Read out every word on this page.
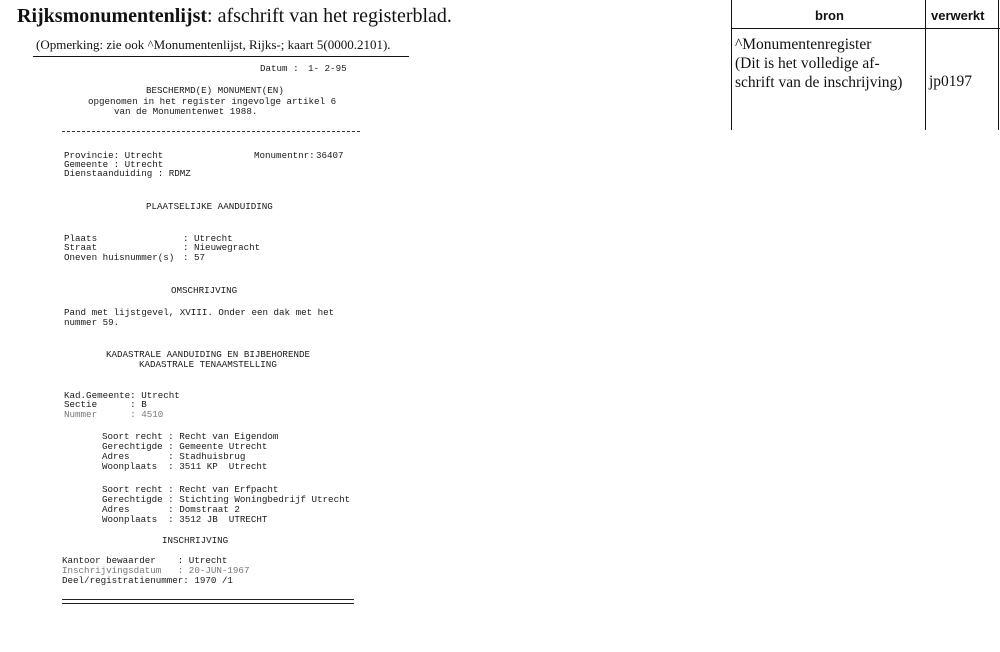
Rijksmonumentenlijst: afschrift van het registerblad.
(Opmerking: zie ook ^Monumentenlijst, Rijks-; kaart 5(0000.2101).
Datum : 1- 2-95
BESCHERMD(E) MONUMENT(EN)
opgenomen in het register ingevolge artikel 6
van de Monumentenwet 1988.
Provincie: Utrecht	Monumentnr: 36407
Gemeente : Utrecht
Dienstaanduiding : RDMZ
PLAATSELIJKE AANDUIDING
Plaats	: Utrecht
Straat	: Nieuwegracht
Oneven huisnummer(s) : 57
OMSCHRIJVING
Pand met lijstgevel, XVIII. Onder een dak met het
nummer 59.
KADASTRALE AANDUIDING EN BIJBEHORENDE
KADASTRALE TENAAMSTELLING
Kad.Gemeente: Utrecht
Sectie      : B
Nummer      : 4510
Soort recht : Recht van Eigendom
Gerechtigde : Gemeente Utrecht
Adres       : Stadhuisbrug
Woonplaats  : 3511 KP  Utrecht
Soort recht : Recht van Erfpacht
Gerechtigde : Stichting Woningbedrijf Utrecht
Adres       : Domstraat 2
Woonplaats  : 3512 JB  UTRECHT
INSCHRIJVING
Kantoor bewaarder    : Utrecht
Inschrijvingsdatum   : 20-JUN-1967
Deel/registratienummer: 1970 /1
bron	verwerkt
^Monumentenregister
(Dit is het volledige af-
schrift van de inschrijving) jp0197
